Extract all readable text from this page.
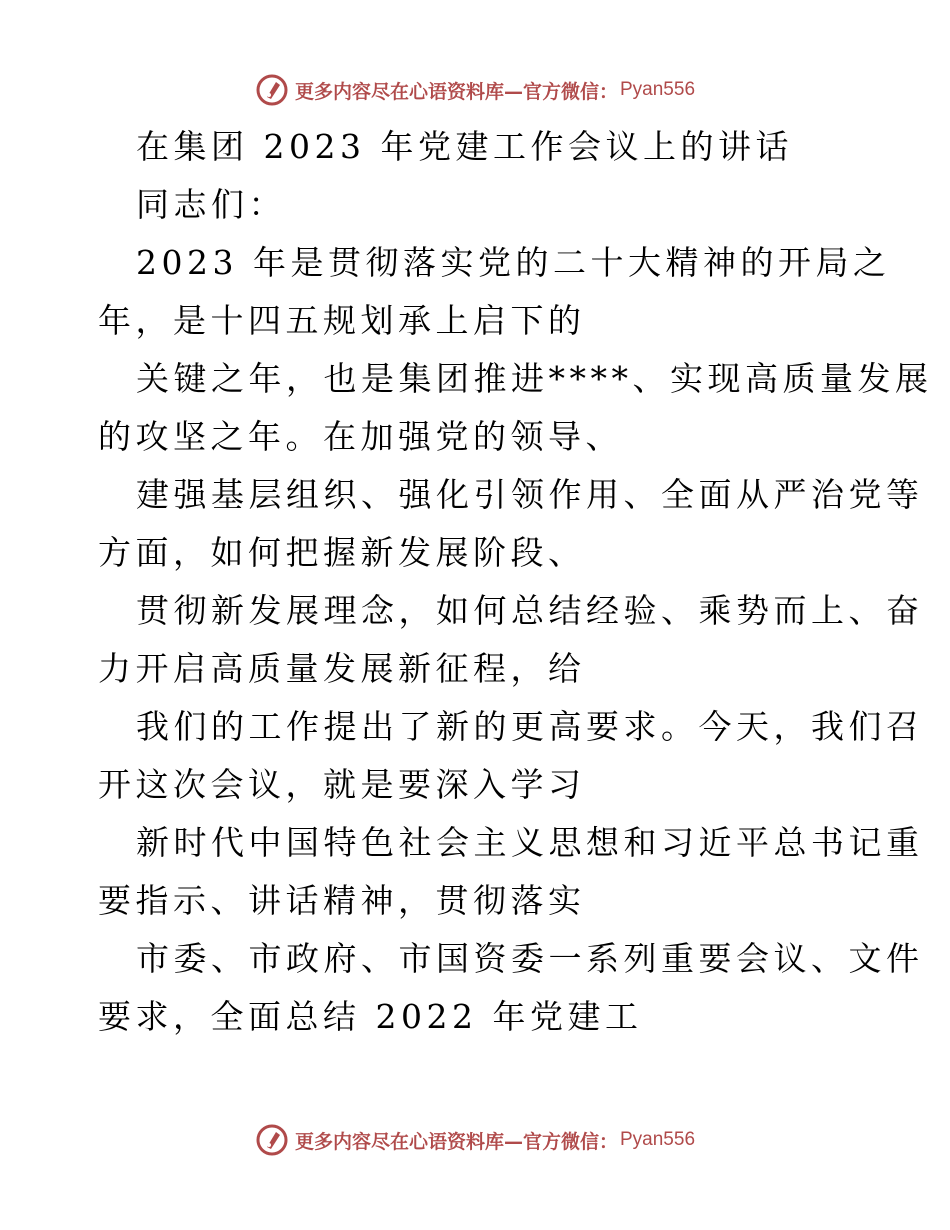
更多内容尽在心语资料库—官方微信： Pyan556

在集团 2023 年党建工作会议上的讲话

同志们：

2023 年是贯彻落实党的二十大精神的开局之

年，是十四五规划承上启下的

关键之年，也是集团推进****、实现高质量发展

的攻坚之年。在加强党的领导、

建强基层组织、强化引领作用、全面从严治党等

方面，如何把握新发展阶段、

贯彻新发展理念，如何总结经验、乘势而上、奋

力开启高质量发展新征程，给

我们的工作提出了新的更高要求。今天，我们召

开这次会议，就是要深入学习

新时代中国特色社会主义思想和习近平总书记重

要指示、讲话精神，贯彻落实

市委、市政府、市国资委一系列重要会议、文件

要求，全面总结 2022 年党建工

更多内容尽在心语资料库—官方微信： Pyan556
